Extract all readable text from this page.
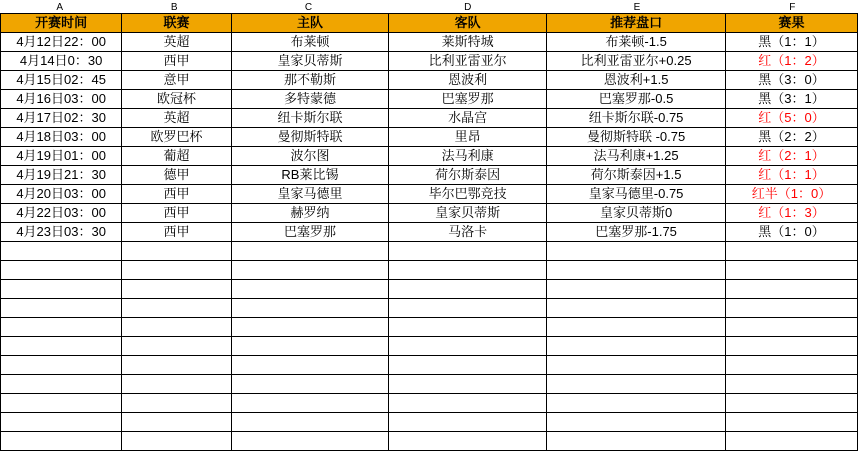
A	B	C	D	E	F
开赛时间	联赛	主队	客队	推荐盘口	赛果
4月12日22：00	英超	布莱顿	莱斯特城	布莱顿-1.5	黑（1：1）
4月14日0：30	西甲	皇家贝蒂斯	比利亚雷亚尔	比利亚雷亚尔+0.25	红（1：2）
4月15日02：45	意甲	那不勒斯	恩波利	恩波利+1.5	黑（3：0）
4月16日03：00	欧冠杯	多特蒙德	巴塞罗那	巴塞罗那-0.5	黑（3：1）
4月17日02：30	英超	纽卡斯尔联	水晶宫	纽卡斯尔联-0.75	红（5：0）
4月18日03：00	欧罗巴杯	曼彻斯特联	里昂	曼彻斯特联 -0.75	黑（2：2）
4月19日01：00	葡超	波尔图	法马利康	法马利康+1.25	红（2：1）
4月19日21：30	德甲	RB莱比锡	荷尔斯泰因	荷尔斯泰因+1.5	红（1：1）
4月20日03：00	西甲	皇家马德里	毕尔巴鄂竞技	皇家马德里-0.75	红半（1：0）
4月22日03：00	西甲	赫罗纳	皇家贝蒂斯	皇家贝蒂斯0	红（1：3）
4月23日03：30	西甲	巴塞罗那	马洛卡	巴塞罗那-1.75	黑（1：0）
